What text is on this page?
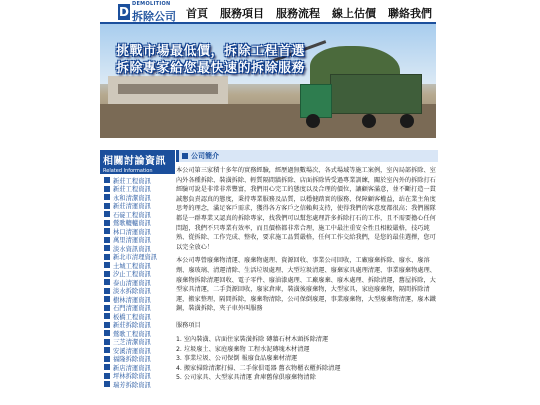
D
DEMOLITION
拆除公司 首頁	服務項目	服務流程	線上估價	聯絡我們
挑戰市場最低價，拆除工程首選
拆除專家給您最快速的拆除服務
相關討論資訊
Related Information
新莊工程資訊
新莊工程資訊
永和清潔資訊
新莊清運資訊
石碇工程資訊
鶯歌轆轤資訊
林口清運資訊
萬里清運資訊
淡水資訊資訊
新北市清理資訊
土城工程資訊
汐止工程資訊
泰山清運資訊
淡水拆除資訊
樹林清運資訊
石門清運資訊
板橋工程資訊
新莊拆除資訊
鶯歌工程資訊
三芝清潔資訊
安溪清運資訊
福隆拆除資訊
新店清運資訊
坪林拆除資訊
瑞芳拆除資訊
公司簡介

本公司第三家積十多年的實務經驗，經歷過無數場次、各式場域等施工案例，室內局部拆除、室內外各種拆除、裝潢拆除、輕質隔間牆拆除、店面拆除皆受過專業訓練，關於室內外的拆除打石經驗可說是非常非常豐富，我們用心完工的態度以及合理的價位，讓顧客滿意，並不斷打造一貫誠懇負責認真的態度，秉持專業服務及品質，以穩健踏實的服務，保障顧客權益，站在業主角度思考的理念，滿足客戶需求，獲得各方客戶之信賴與支持，使得我們的客意度都很高；我們團隊都是一群專業又認真的拆除專家，找我們可以幫您處理許多拆除打石的工作，且不需要擔心任何問題，我們不只專業有效率，而且價格都非常合理，施工中最注重安全性且相較嚴格，技巧純熟、從拆除、工作完成、整收，要求施工品質嚴格，任何工作交給我們，是您的最佳選擇，您可以完全放心！

本公司專營廢棄物清運、廢棄物處理、資源回收、事業公司回收，工廠廢棄拆除、廢水、廢溶劑、廢玻璃、清運清除、生活垃圾處理、大型垃圾清運、廢棄家具處理清運、事業廢棄物處理、廢棄物拆除清運回收、電子零件、廢油漆處理、工廠廢棄、廢木處理、拆除清運，舊屋拆除，大型家具清運，二手貨源回收，廢家倉庫，裝潢後廢棄物，大型家具，家庭廢棄物，隔間拆除清運，搬家整理，隔間拆除，廢棄物清除，公司保倒廢運，事業廢棄物，大型廢棄物清運，廢木鐵銅，裝潢拆除，夾子車外叫服務

服務項目

1. 室內裝潢、店面住家裝潢拆除 磚牆石材木頭拆除清運
2. 垃圾廢土、家庭廢棄物 工程水泥磚塊木材清運
3. 事業垃圾、公司保倒 報廢食品廢棄材清運
4. 搬家掃除清潔打掃、二手傢俱電器 舊衣物櫃衣櫃拆除清運
5. 公司家具、大型家具清運 倉庫舊傢俱廢棄物清除
